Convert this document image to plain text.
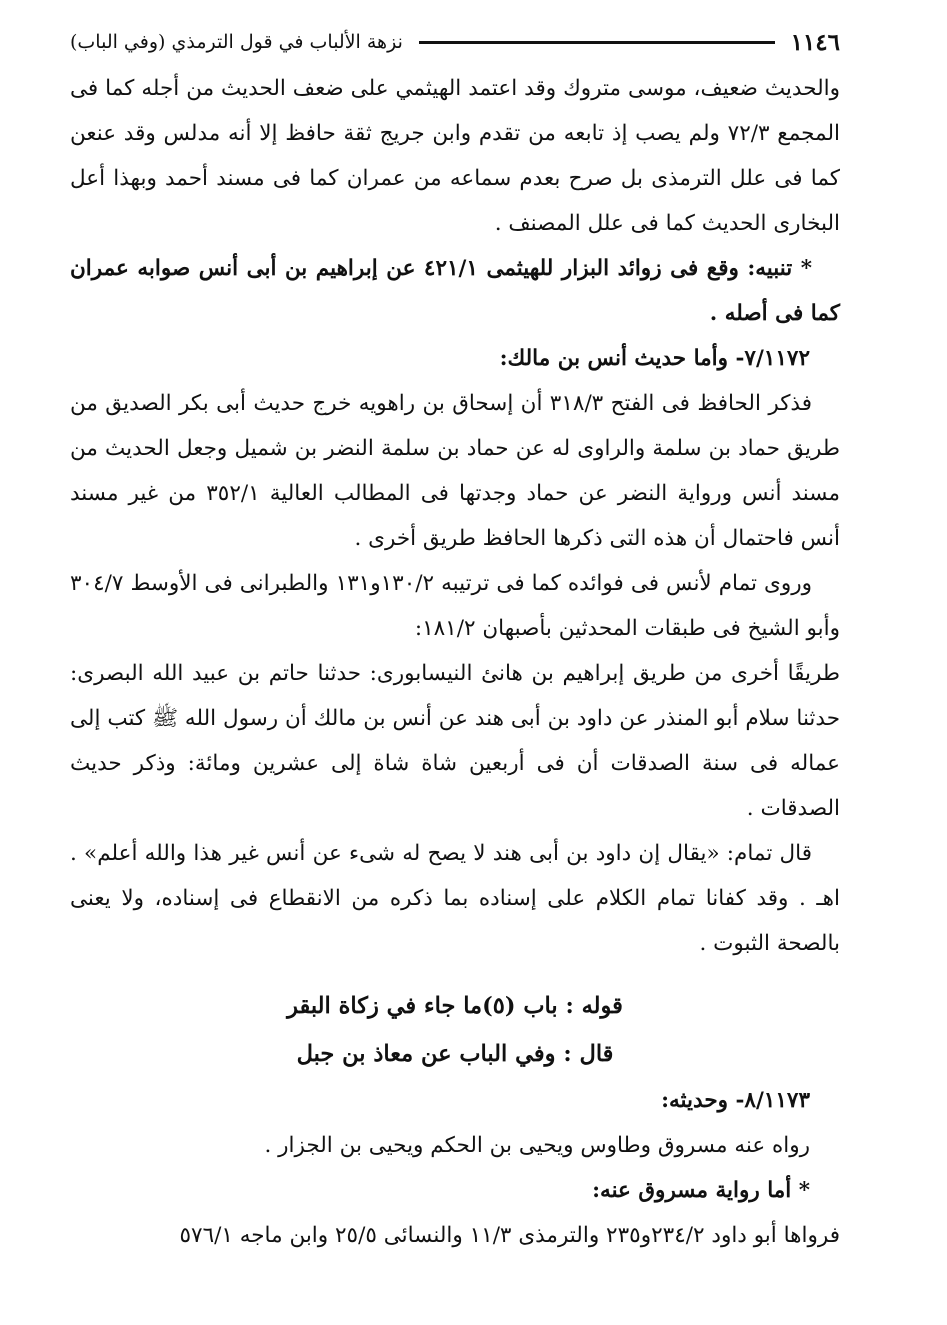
١١٤٦
نزهة الألباب في قول الترمذي (وفي الباب)

والحديث ضعيف، موسى متروك وقد اعتمد الهيثمي على ضعف الحديث من أجله كما فى المجمع ٧٢/٣ ولم يصب إذ تابعه من تقدم وابن جريج ثقة حافظ إلا أنه مدلس وقد عنعن كما فى علل الترمذى بل صرح بعدم سماعه من عمران كما فى مسند أحمد وبهذا أعل البخارى الحديث كما فى علل المصنف .

* تنبيه: وقع فى زوائد البزار للهيثمى ٤٢١/١ عن إبراهيم بن أبى أنس صوابه عمران كما فى أصله .

٧/١١٧٢- وأما حديث أنس بن مالك:

فذكر الحافظ فى الفتح ٣١٨/٣ أن إسحاق بن راهويه خرج حديث أبى بكر الصديق من طريق حماد بن سلمة والراوى له عن حماد بن سلمة النضر بن شميل وجعل الحديث من مسند أنس ورواية النضر عن حماد وجدتها فى المطالب العالية ٣٥٢/١ من غير مسند أنس فاحتمال أن هذه التى ذكرها الحافظ طريق أخرى .

وروى تمام لأنس فى فوائده كما فى ترتيبه ١٣٠/٢و١٣١ والطبرانى فى الأوسط ٣٠٤/٧ وأبو الشيخ فى طبقات المحدثين بأصبهان ١٨١/٢:

طريقًا أخرى من طريق إبراهيم بن هانئ النيسابورى: حدثنا حاتم بن عبيد الله البصرى: حدثنا سلام أبو المنذر عن داود بن أبى هند عن أنس بن مالك أن رسول الله ﷺ كتب إلى عماله فى سنة الصدقات أن فى أربعين شاة شاة إلى عشرين ومائة: وذكر حديث الصدقات .

قال تمام: «يقال إن داود بن أبى هند لا يصح له شىء عن أنس غير هذا والله أعلم» . اهـ . وقد كفانا تمام الكلام على إسناده بما ذكره من الانقطاع فى إسناده، ولا يعنى بالصحة الثبوت .

قوله : باب (٥)ما جاء في زكاة البقر
قال : وفي الباب عن معاذ بن جبل

٨/١١٧٣- وحديثه:

رواه عنه مسروق وطاوس ويحيى بن الحكم ويحيى بن الجزار .

* أما رواية مسروق عنه:

فرواها أبو داود ٢٣٤/٢و٢٣٥ والترمذى ١١/٣ والنسائى ٢٥/٥ وابن ماجه ٥٧٦/١
